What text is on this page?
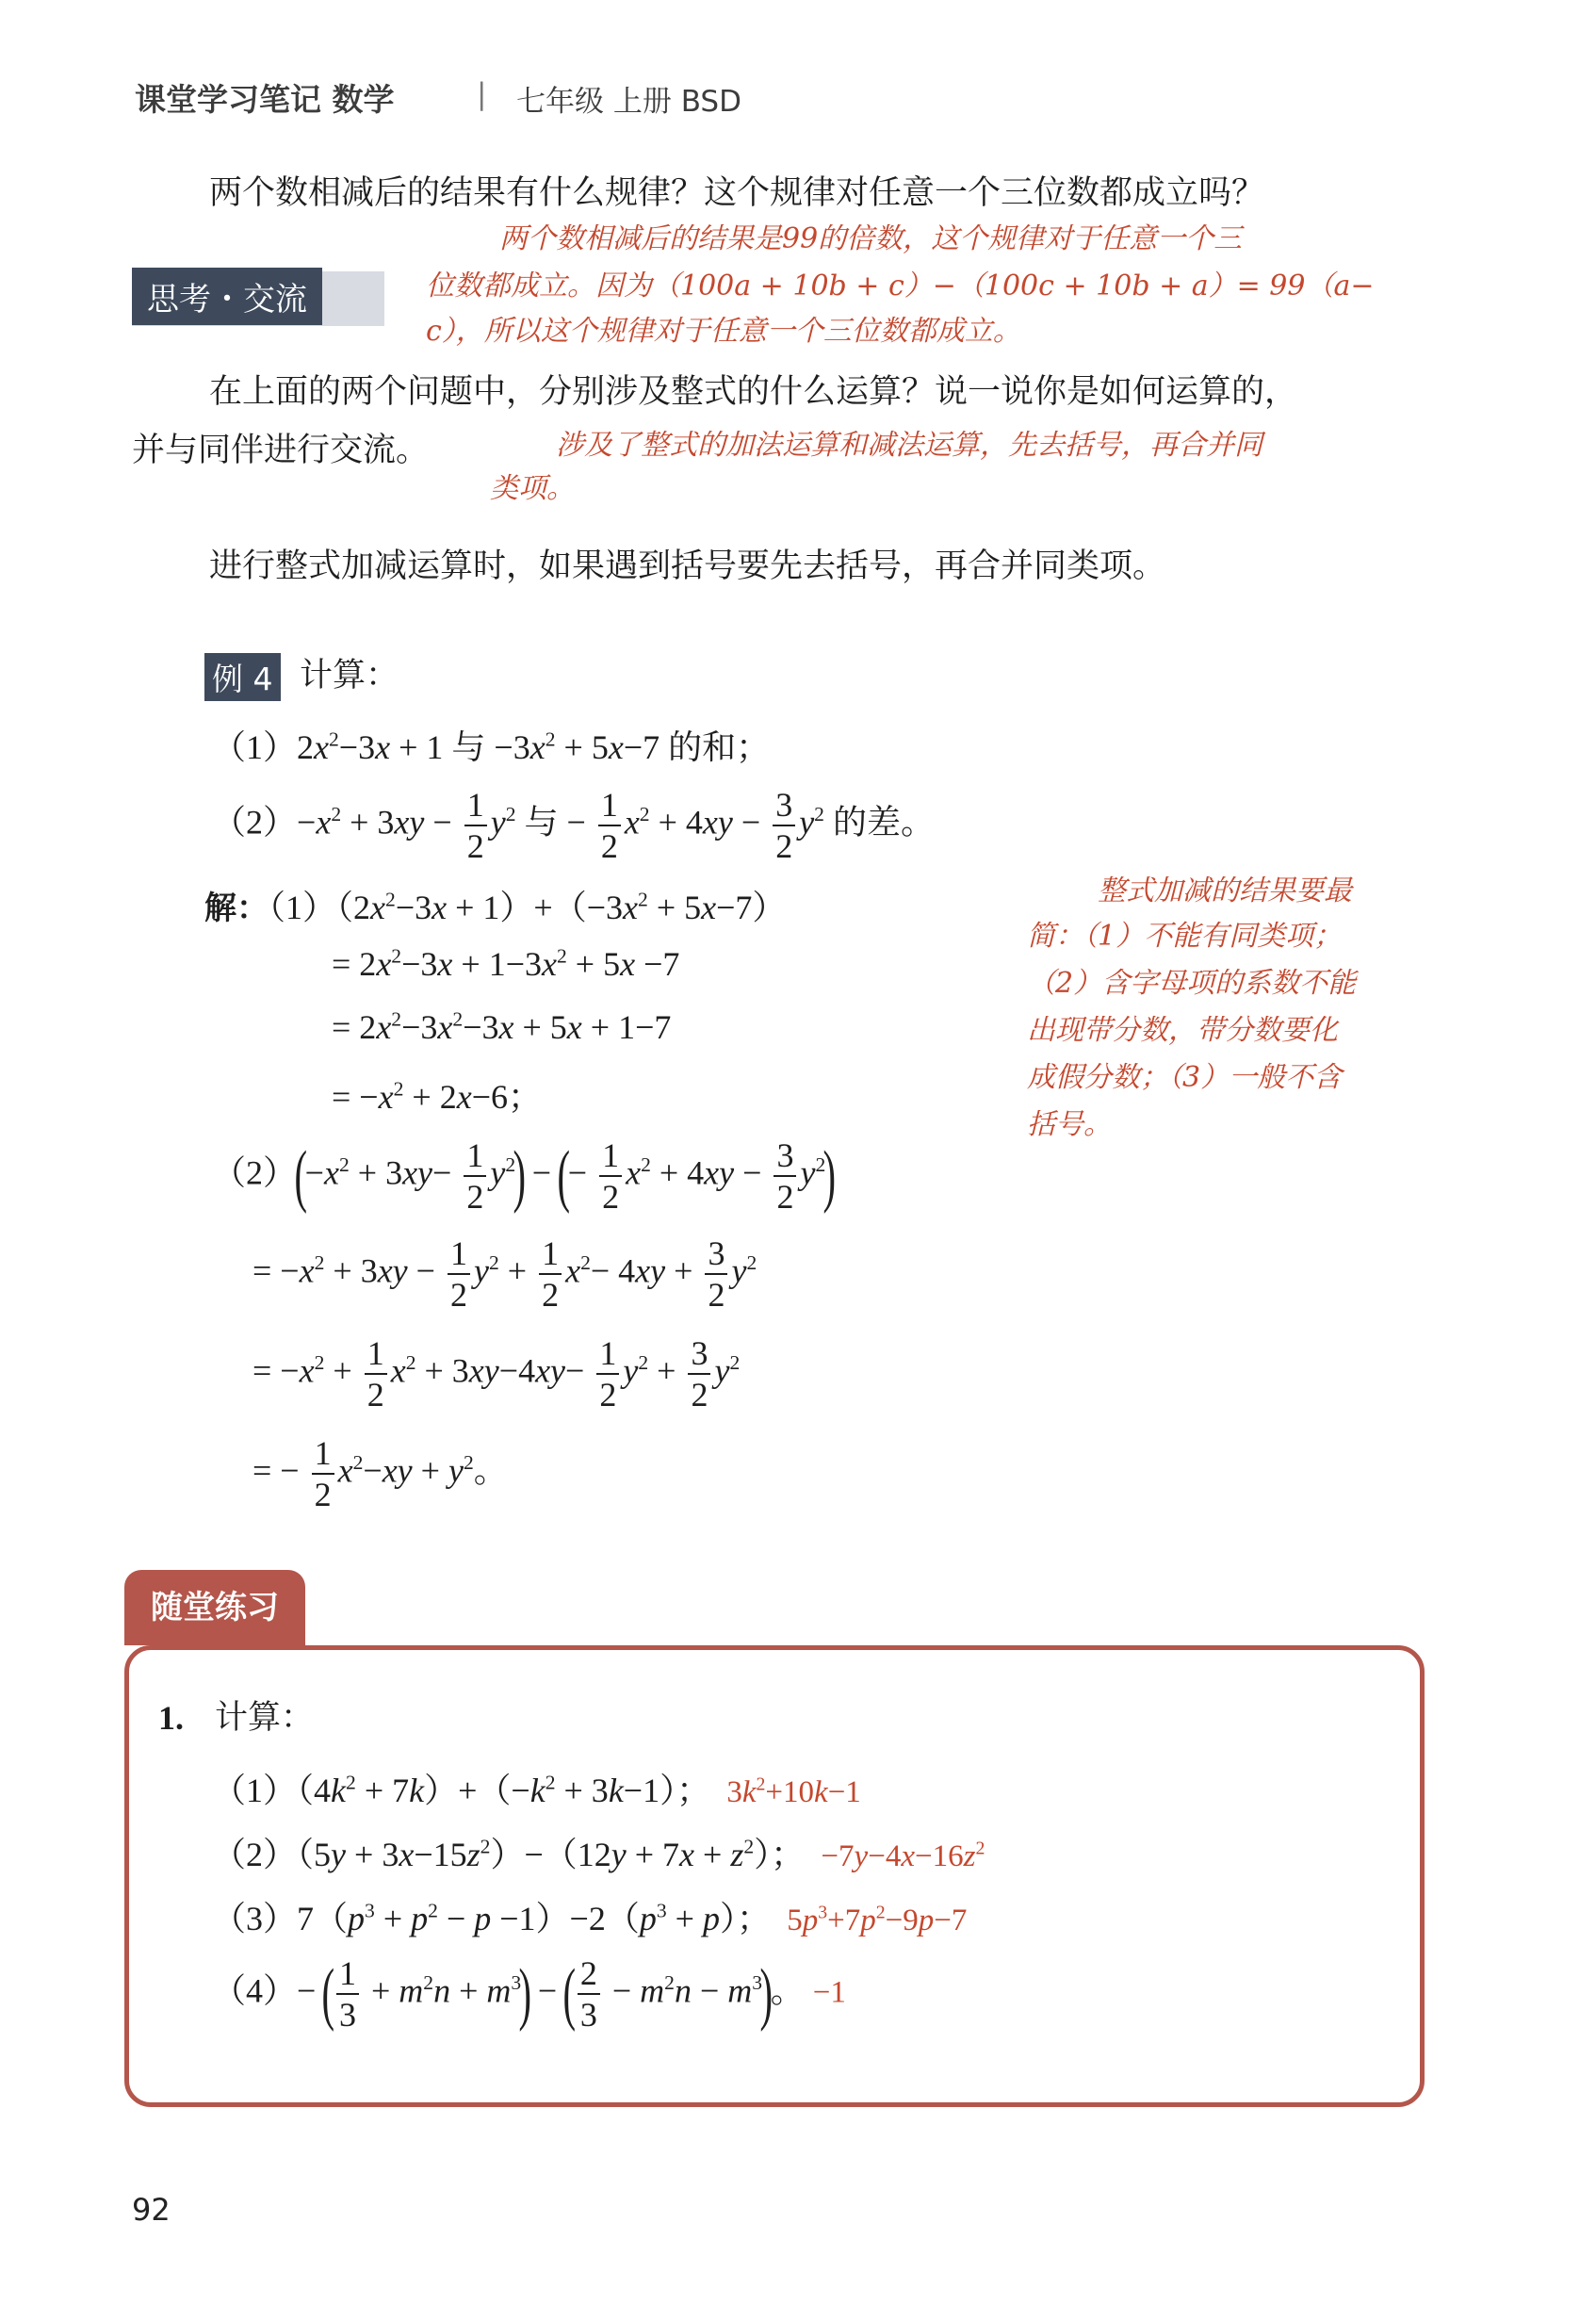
课堂学习笔记 数学	| 七年级 上册 BSD
两个数相减后的结果有什么规律？这个规律对任意一个三位数都成立吗？
两个数相减后的结果是99的倍数，这个规律对于任意一个三
位数都成立。因为（100a + 10b + c）−（100c + 10b + a）= 99（a−
c），所以这个规律对于任意一个三位数都成立。
思考・交流
在上面的两个问题中，分别涉及整式的什么运算？说一说你是如何运算的，
并与同伴进行交流。	涉及了整式的加法运算和减法运算，先去括号，再合并同
类项。
进行整式加减运算时，如果遇到括号要先去括号，再合并同类项。
例 4 计算：
$(1)2x^2-3x + 1$ 与 $-3x^2 + 5x-7$ 的和；
$(2)-x^2 + 3xy - \frac{1}{2} y^2$ 与 − $\frac{1}{2} x^2 + 4xy - \frac{3}{2} y^2$ 的差。
解：$(1)(2x^2-3x + 1)+(-3x^2 + 5x-7)$
= $2x^2-3x + 1-3x^2 + 5x -7$
= $2x^2-3x^2-3x + 5x + 1-7$
= $-x^2 + 2x-6$；
整式加减的结果要最
简：（1）不能有同类项；
（2）含字母项的系数不能
出现带分数，带分数要化
成假分数；（3）一般不含
括号。
$(2)(-x^2 + 3xy- \frac{1}{2} y^2)$ − (− $\frac{1}{2} x^2 + 4xy - \frac{3}{2} y^2$)
= $-x^2 + 3xy - \frac{1}{2} y^2 + \frac{1}{2} x^2- 4xy + \frac{3}{2} y^2$
= $-x^2 + \frac{1}{2} x^2 + 3xy-4xy- \frac{1}{2} y^2 + \frac{3}{2} y^2$
= − $\frac{1}{2} x^2-xy + y^2$。
随堂练习
1. 计算：
$(1)(4k^2 + 7k)+(-k^2 + 3k-1)$；  $3k^2+10k-1$
$(2)(5y + 3x-15z^2)-(12y + 7x + z^2)$；  $-7y-4x-16z^2$
$(3)7(p^3 + p^2 - p -1)-2(p^3 + p)$；  $5p^3+7p^2-9p-7$
（4）− ( $\frac{1}{3} + m^2n + m^3$) − ( $\frac{2}{3} - m^2n - m^3$)。 −1
92
